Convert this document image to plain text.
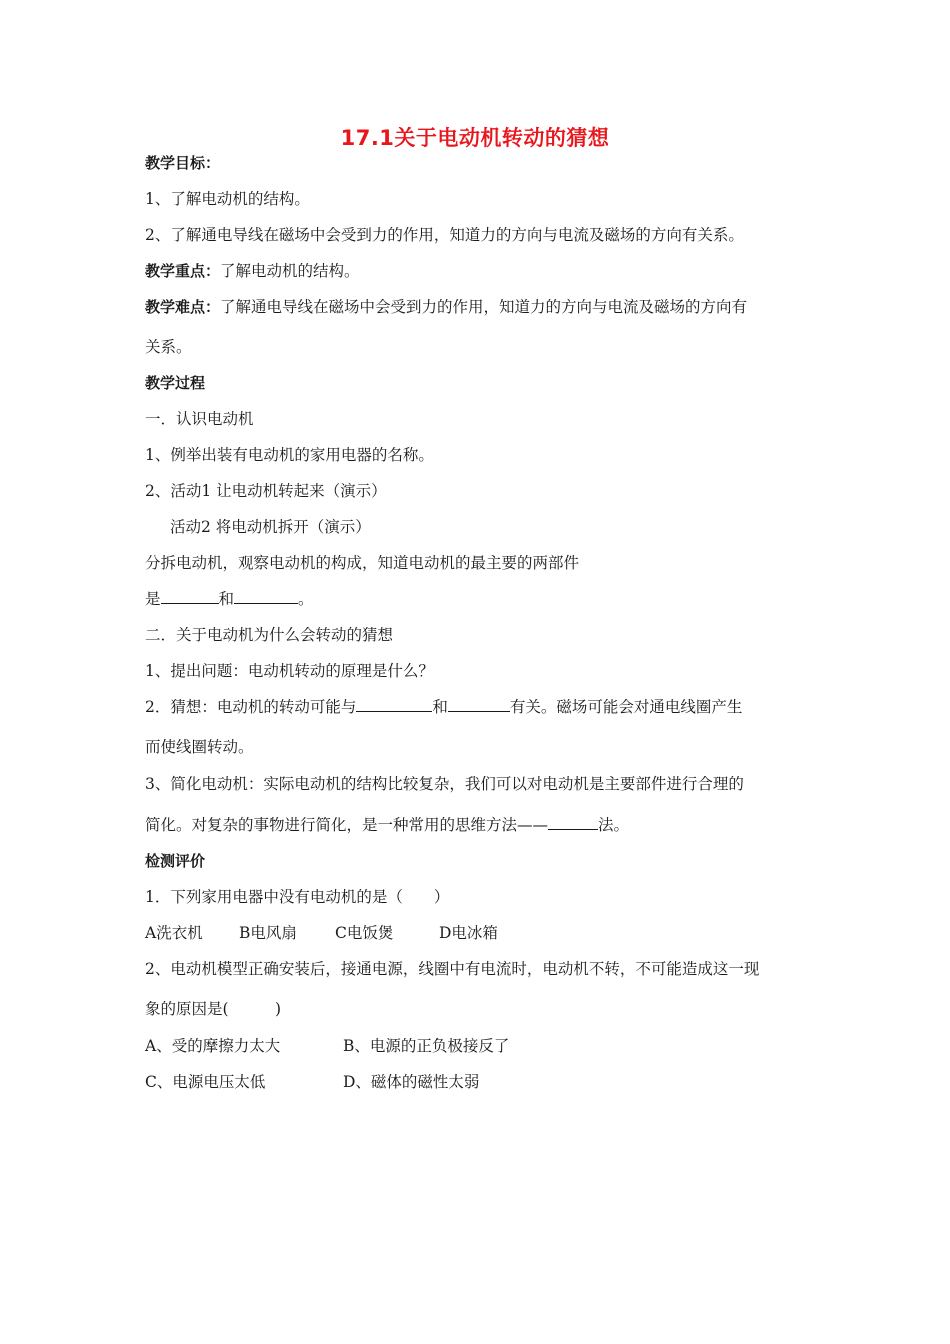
17.1关于电动机转动的猜想
教学目标：
1、了解电动机的结构。
2、了解通电导线在磁场中会受到力的作用，知道力的方向与电流及磁场的方向有关系。
教学重点：了解电动机的结构。
教学难点：了解通电导线在磁场中会受到力的作用，知道力的方向与电流及磁场的方向有
关系。
教学过程
一．认识电动机
1、例举出装有电动机的家用电器的名称。
2、活动1 让电动机转起来（演示）
活动2 将电动机拆开（演示）
分拆电动机，观察电动机的构成，知道电动机的最主要的两部件
是	和	。
二．关于电动机为什么会转动的猜想
1、提出问题：电动机转动的原理是什么？
2．猜想：电动机的转动可能与	和	有关。磁场可能会对通电线圈产生
而使线圈转动。
3、简化电动机：实际电动机的结构比较复杂，我们可以对电动机是主要部件进行合理的
简化。对复杂的事物进行简化，是一种常用的思维方法——	法。
检测评价
1．下列家用电器中没有电动机的是（　　）
A洗衣机 B电风扇 C电饭煲	D电冰箱
2、电动机模型正确安装后，接通电源，线圈中有电流时，电动机不转，不可能造成这一现
象的原因是(　　　)
A、受的摩擦力太大	B、电源的正负极接反了
C、电源电压太低	D、磁体的磁性太弱
